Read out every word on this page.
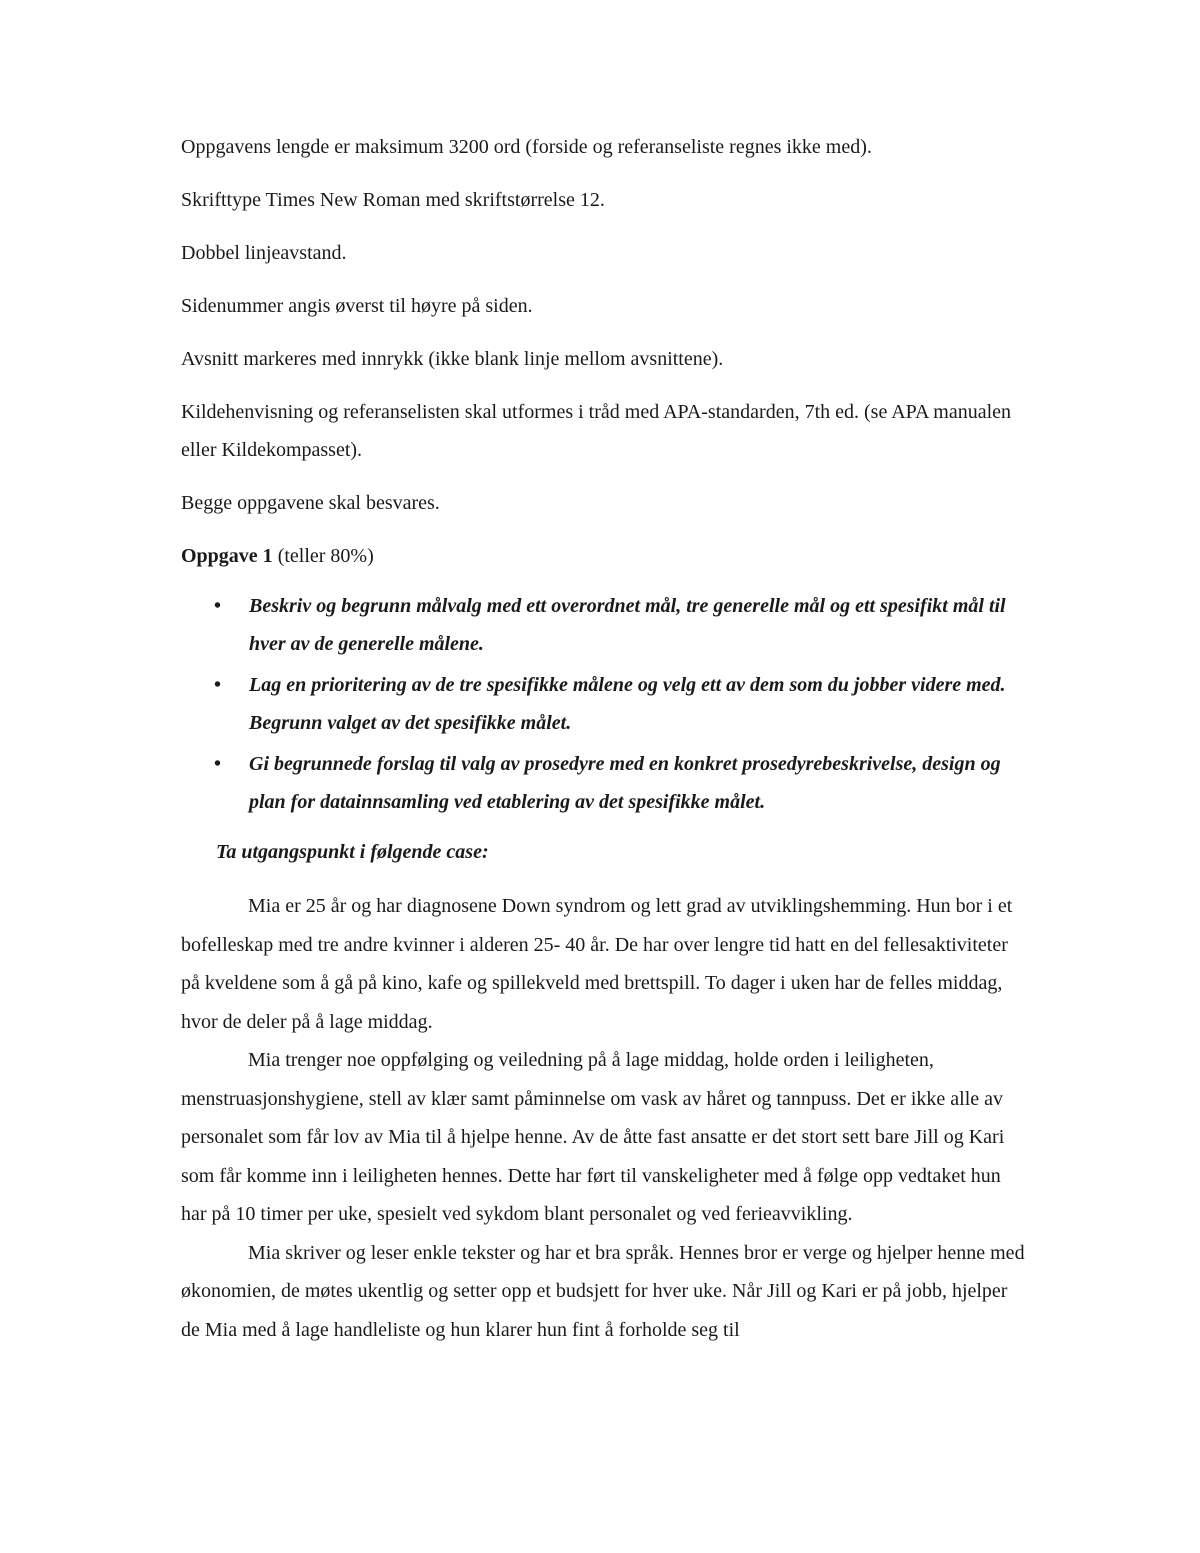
Oppgavens lengde er maksimum 3200 ord (forside og referanseliste regnes ikke med).

Skrifttype Times New Roman med skriftstørrelse 12.

Dobbel linjeavstand.

Sidenummer angis øverst til høyre på siden.

Avsnitt markeres med innrykk (ikke blank linje mellom avsnittene).

Kildehenvisning og referanselisten skal utformes i tråd med APA-standarden, 7th ed. (se APA manualen eller Kildekompasset).

Begge oppgavene skal besvares.

Oppgave 1 (teller 80%)

• Beskriv og begrunn målvalg med ett overordnet mål, tre generelle mål og ett spesifikt mål til hver av de generelle målene.
• Lag en prioritering av de tre spesifikke målene og velg ett av dem som du jobber videre med. Begrunn valget av det spesifikke målet.
• Gi begrunnede forslag til valg av prosedyre med en konkret prosedyrebeskrivelse, design og plan for datainnsamling ved etablering av det spesifikke målet.

Ta utgangspunkt i følgende case:

Mia er 25 år og har diagnosene Down syndrom og lett grad av utviklingshemming. Hun bor i et bofelleskap med tre andre kvinner i alderen 25- 40 år. De har over lengre tid hatt en del fellesaktiviteter på kveldene som å gå på kino, kafe og spillekveld med brettspill. To dager i uken har de felles middag, hvor de deler på å lage middag.

Mia trenger noe oppfølging og veiledning på å lage middag, holde orden i leiligheten, menstruasjonshygiene, stell av klær samt påminnelse om vask av håret og tannpuss. Det er ikke alle av personalet som får lov av Mia til å hjelpe henne. Av de åtte fast ansatte er det stort sett bare Jill og Kari som får komme inn i leiligheten hennes. Dette har ført til vanskeligheter med å følge opp vedtaket hun har på 10 timer per uke, spesielt ved sykdom blant personalet og ved ferieavvikling.

Mia skriver og leser enkle tekster og har et bra språk. Hennes bror er verge og hjelper henne med økonomien, de møtes ukentlig og setter opp et budsjett for hver uke. Når Jill og Kari er på jobb, hjelper de Mia med å lage handleliste og hun klarer hun fint å forholde seg til
